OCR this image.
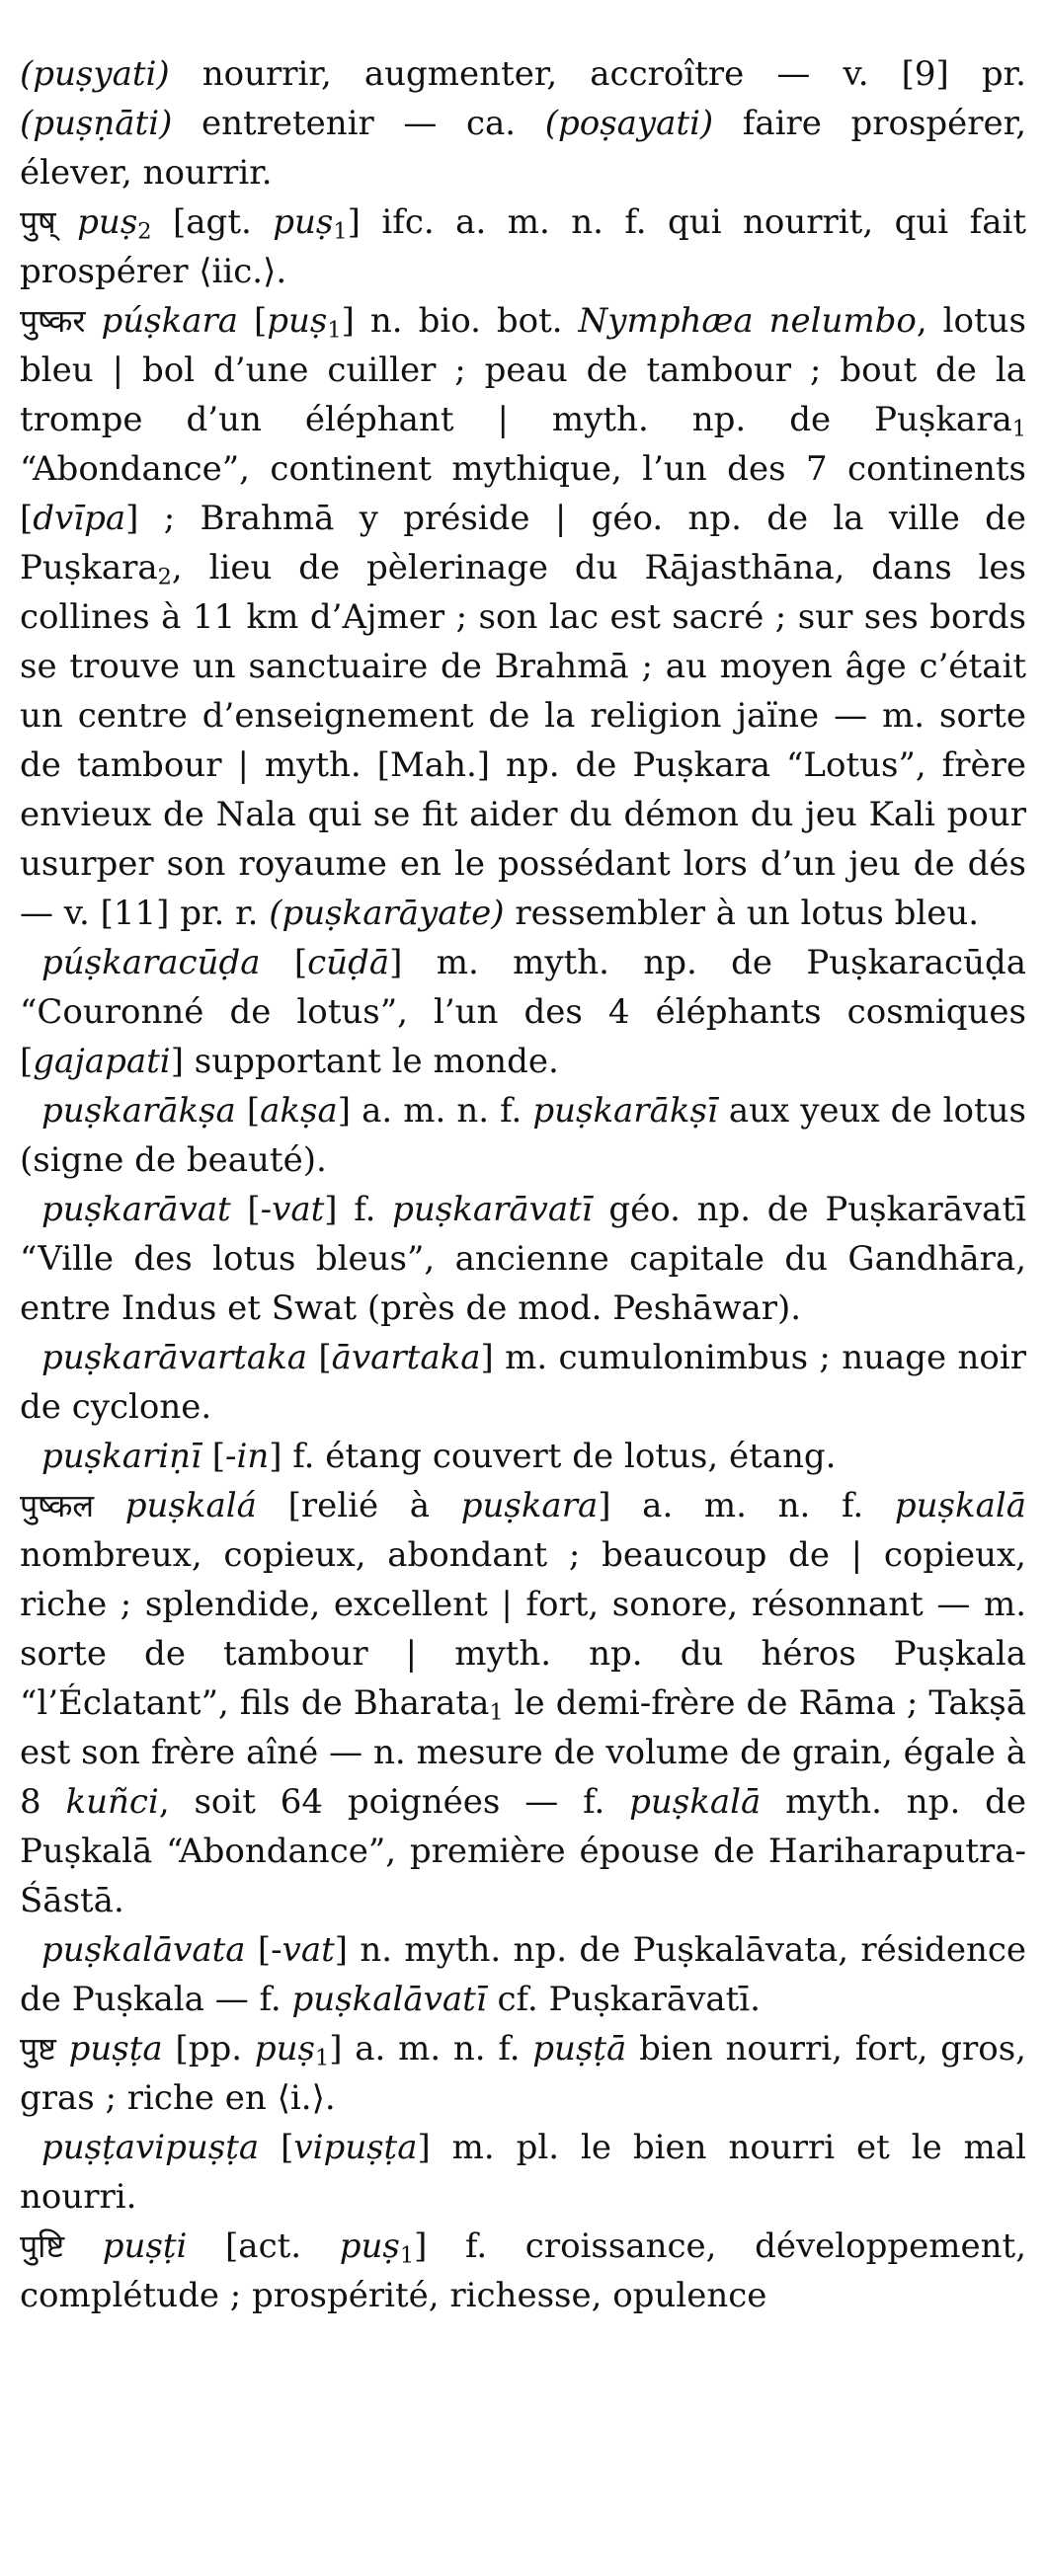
(puṣyati) nourrir, augmenter, accroître — v. [9] pr. (puṣṇāti) entretenir — ca. (poṣayati) faire prospérer, élever, nourrir.

पुष् puṣ$_2$ [agt. puṣ$_1$] ifc. a. m. n. f. qui nourrit, qui fait prospérer ⟨iic.⟩.

पुष्कर púṣkara [puṣ$_1$] n. bio. bot. Nymphæa nelumbo, lotus bleu | bol d’une cuiller ; peau de tambour ; bout de la trompe d’un éléphant | myth. np. de Puṣkara$_1$ “Abondance”, continent mythique, l’un des 7 continents [dvīpa] ; Brahmā y préside | géo. np. de la ville de Puṣkara$_2$, lieu de pèlerinage du Rājasthāna, dans les collines à 11 km d’Ajmer ; son lac est sacré ; sur ses bords se trouve un sanctuaire de Brahmā ; au moyen âge c’était un centre d’enseignement de la religion jaïne — m. sorte de tambour | myth. [Mah.] np. de Puṣkara “Lotus”, frère envieux de Nala qui se fit aider du démon du jeu Kali pour usurper son royaume en le possédant lors d’un jeu de dés — v. [11] pr. r. (puṣkarāyate) ressembler à un lotus bleu.

púṣkaracūḍa [cūḍā] m. myth. np. de Puṣkaracūḍa “Couronné de lotus”, l’un des 4 éléphants cosmiques [gajapati] supportant le monde.

puṣkarākṣa [akṣa] a. m. n. f. puṣkarākṣī aux yeux de lotus (signe de beauté).

puṣkarāvat [-vat] f. puṣkarāvatī géo. np. de Puṣkarāvatī “Ville des lotus bleus”, ancienne capitale du Gandhāra, entre Indus et Swat (près de mod. Peshāwar).

puṣkarāvartaka [āvartaka] m. cumulonimbus ; nuage noir de cyclone.

puṣkariṇī [-in] f. étang couvert de lotus, étang.

पुष्कल puṣkalá [relié à puṣkara] a. m. n. f. puṣkalā nombreux, copieux, abondant ; beaucoup de | copieux, riche ; splendide, excellent | fort, sonore, résonnant — m. sorte de tambour | myth. np. du héros Puṣkala “l’Éclatant”, fils de Bharata$_1$ le demi-frère de Rāma ; Takṣā est son frère aîné — n. mesure de volume de grain, égale à 8 kuñci, soit 64 poignées — f. puṣkalā myth. np. de Puṣkalā “Abondance”, première épouse de Hariharaputra-Śāstā.

puṣkalāvata [-vat] n. myth. np. de Puṣkalāvata, résidence de Puṣkala — f. puṣkalāvatī cf. Puṣkarāvatī.

पुष्ट puṣṭa [pp. puṣ$_1$] a. m. n. f. puṣṭā bien nourri, fort, gros, gras ; riche en ⟨i.⟩.

puṣṭavipuṣṭa [vipuṣṭa] m. pl. le bien nourri et le mal nourri.

पुष्टि puṣṭi [act. puṣ$_1$] f. croissance, développement, complétude ; prospérité, richesse, opulence
